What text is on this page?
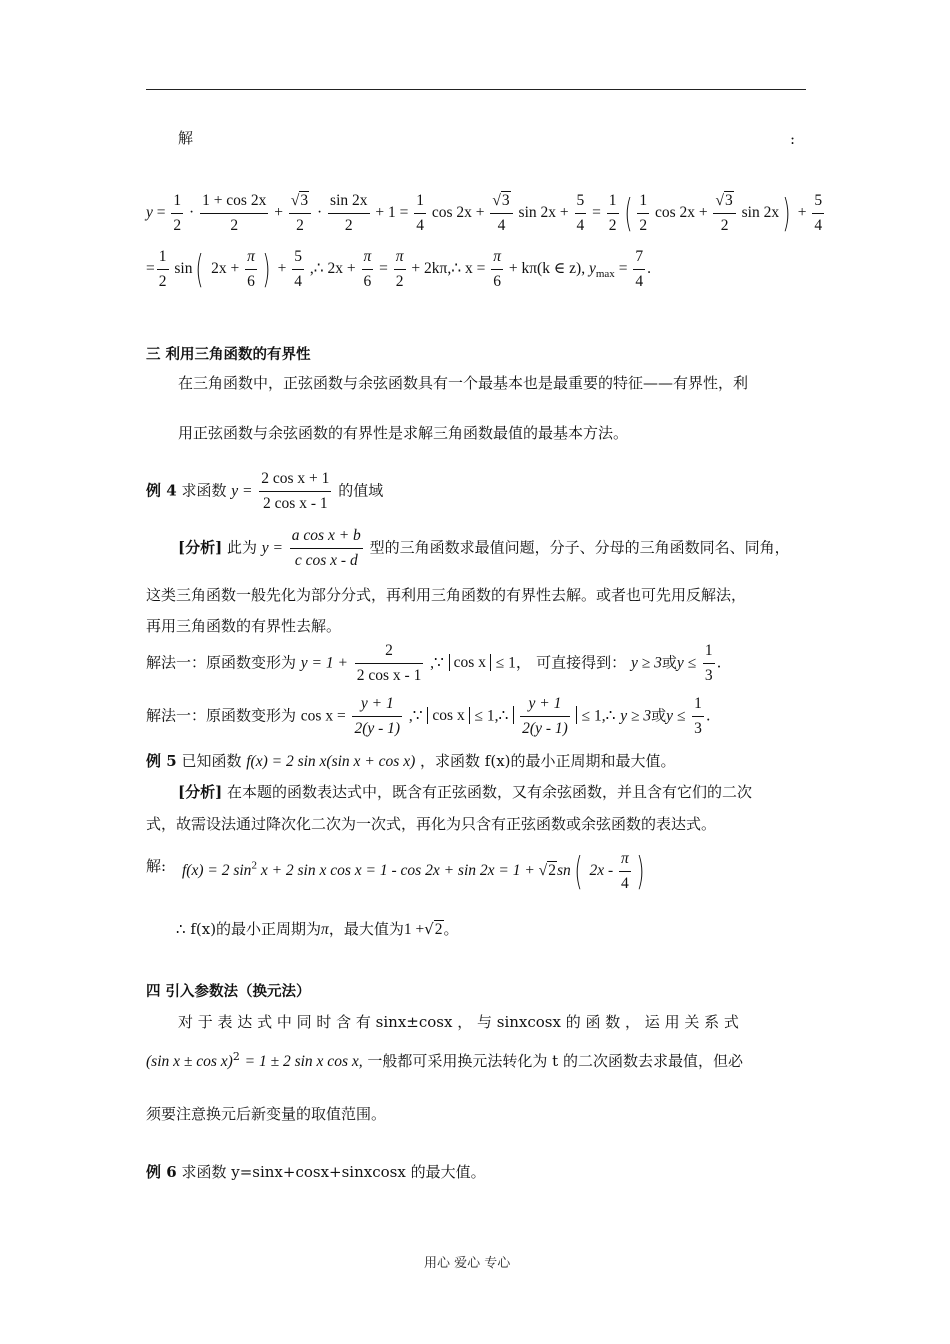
解	:
$y = \frac{1}{2} \cdot \frac{1 + \cos 2x}{2} + \frac{√3}{2} \cdot \frac{\sin 2x}{2} + 1 = \frac{1}{4}$ $\cos 2x + \frac{√3}{4}$ $\sin 2x + \frac{5}{4} = \frac{1}{2}$ ( $\frac{1}{2}$ $\cos 2x + \frac{√3}{2}$ $\sin 2x) + \frac{5}{4}$
= $\frac{1}{2} \sin$( $2x + \frac{\pi}{6}$ ) + $\frac{5}{4}$ ,∴ $2x + \frac{\pi}{6} = \frac{\pi}{2}$ + 2kπ,∴ $x = \frac{\pi}{6} + k\pi(k$ ∈ z), $y_{max} = \frac{7}{4}$ .
三 利用三角函数的有界性
在三角函数中，正弦函数与余弦函数具有一个最基本也是最重要的特征——有界性，利
用正弦函数与余弦函数的有界性是求解三角函数最值的最基本方法。
例 4 求函数 $y = \frac{\text{2 cos x + 1}}{\text{2 cos x - 1}}$ 的值域
[分析] 此为 $y = \frac{\text{a cos x + b}}{\text{c cos x - d}}$ 型的三角函数求最值问题，分子、分母的三角函数同名、同角，
这类三角函数一般先化为部分分式，再利用三角函数的有界性去解。或者也可先用反解法，
再用三角函数的有界性去解。
解法一：原函数变形为 $y = 1 + \frac{2}{\text{2 cos x - 1}}$ ,∵ cos x ≤ 1， 可直接得到： y ≥ 3或$y \le \frac{1}{3}$ .
解法一：原函数变形为 $\cos x = \frac{y + 1}{2(y - 1)}$ ,∵ cos x ≤ 1,∴ $\frac{y + 1}{2(y - 1)}$ ≤ 1,∴ y ≥ 3或$y \le \frac{1}{3}$ .
例 5 已知函数 f(x) = 2 sin x(sin x + cos x) ，求函数 f(x)的最小正周期和最大值。
[分析] 在本题的函数表达式中，既含有正弦函数，又有余弦函数，并且含有它们的二次
式，故需设法通过降次化二次为一次式，再化为只含有正弦函数或余弦函数的表达式。
解: f(x) = 2 $\sin^2 x + 2$ sin x cos x = 1 - cos 2x + sin 2x = 1 + √2sn( $2x - \frac{\pi}{4}$ )
∴ f(x)的最小正周期为π，最大值为1 +√2。
四 引入参数法（换元法）
对 于 表 达 式 中 同 时 含 有 sinx±cosx ， 与 sinxcosx 的 函 数 ， 运 用 关 系 式
(sin x ± cos x)$^2$ = 1 ± 2 sin x cos x, 一般都可采用换元法转化为 t 的二次函数去求最值，但必
须要注意换元后新变量的取值范围。
例 6 求函数 y=sinx+cosx+sinxcosx 的最大值。
用心 爱心 专心
